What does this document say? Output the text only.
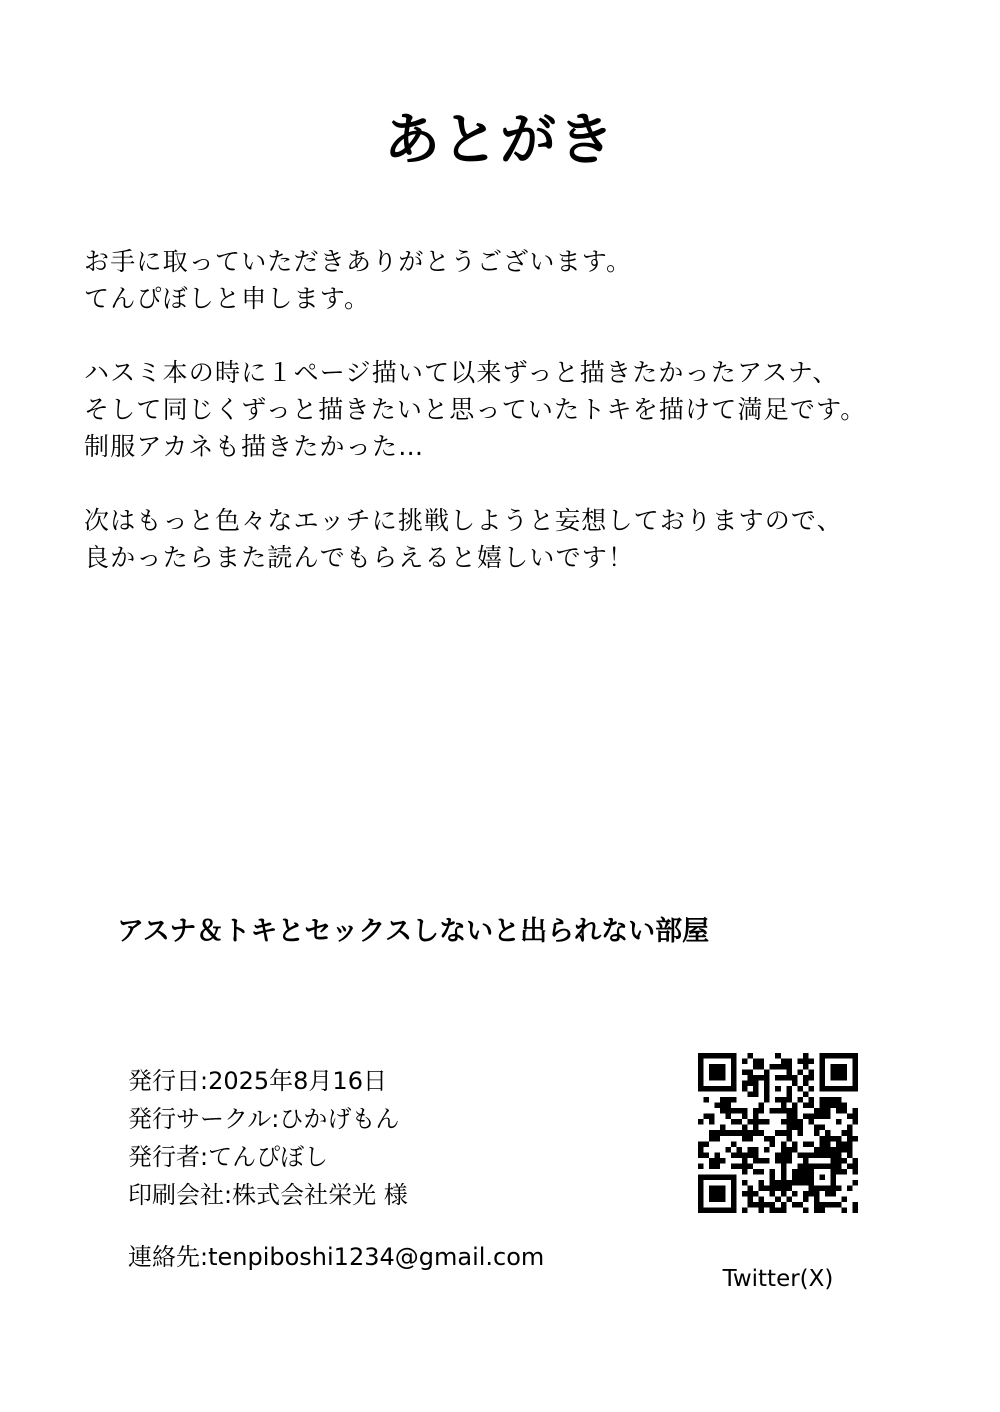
あとがき

お手に取っていただきありがとうございます。

てんぴぼしと申します。

ハスミ本の時に１ページ描いて以来ずっと描きたかったアスナ、

そして同じくずっと描きたいと思っていたトキを描けて満足です。

制服アカネも描きたかった…

次はもっと色々なエッチに挑戦しようと妄想しておりますので、

良かったらまた読んでもらえると嬉しいです！

アスナ＆トキとセックスしないと出られない部屋
発行日:2025年8月16日
発行サークル:ひかげもん
発行者:てんぴぼし
印刷会社:株式会社栄光 様
連絡先:tenpiboshi1234@gmail.com
Twitter(X)
